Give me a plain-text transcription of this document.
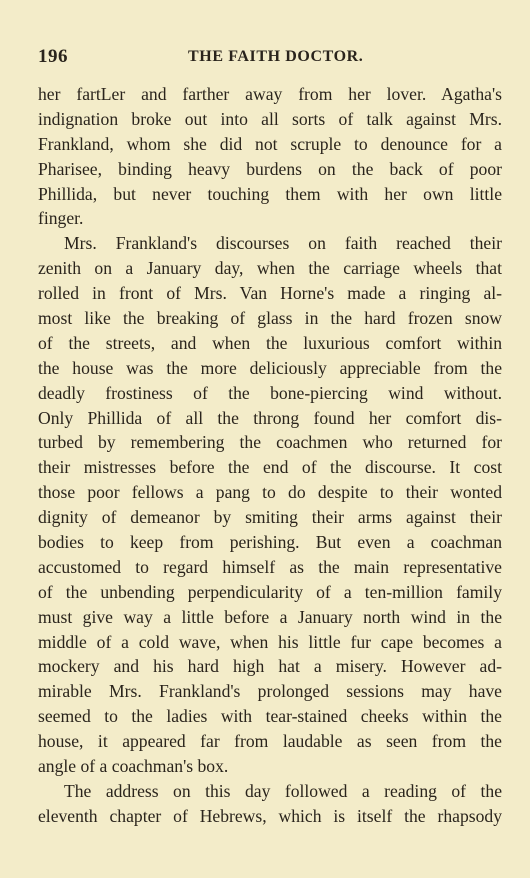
196	THE FAITH DOCTOR.
her fartLer and farther away from her lover. Agatha's
indignation broke out into all sorts of talk against Mrs.
Frankland, whom she did not scruple to denounce for a
Pharisee, binding heavy burdens on the back of poor
Phillida, but never touching them with her own little
finger.
Mrs. Frankland's discourses on faith reached their
zenith on a January day, when the carriage wheels that
rolled in front of Mrs. Van Horne's made a ringing al-
most like the breaking of glass in the hard frozen snow
of the streets, and when the luxurious comfort within
the house was the more deliciously appreciable from the
deadly frostiness of the bone-piercing wind without.
Only Phillida of all the throng found her comfort dis-
turbed by remembering the coachmen who returned for
their mistresses before the end of the discourse. It cost
those poor fellows a pang to do despite to their wonted
dignity of demeanor by smiting their arms against their
bodies to keep from perishing. But even a coachman
accustomed to regard himself as the main representative
of the unbending perpendicularity of a ten-million family
must give way a little before a January north wind in the
middle of a cold wave, when his little fur cape becomes a
mockery and his hard high hat a misery. However ad-
mirable Mrs. Frankland's prolonged sessions may have
seemed to the ladies with tear-stained cheeks within the
house, it appeared far from laudable as seen from the
angle of a coachman's box.
The address on this day followed a reading of the
eleventh chapter of Hebrews, which is itself the rhapsody
